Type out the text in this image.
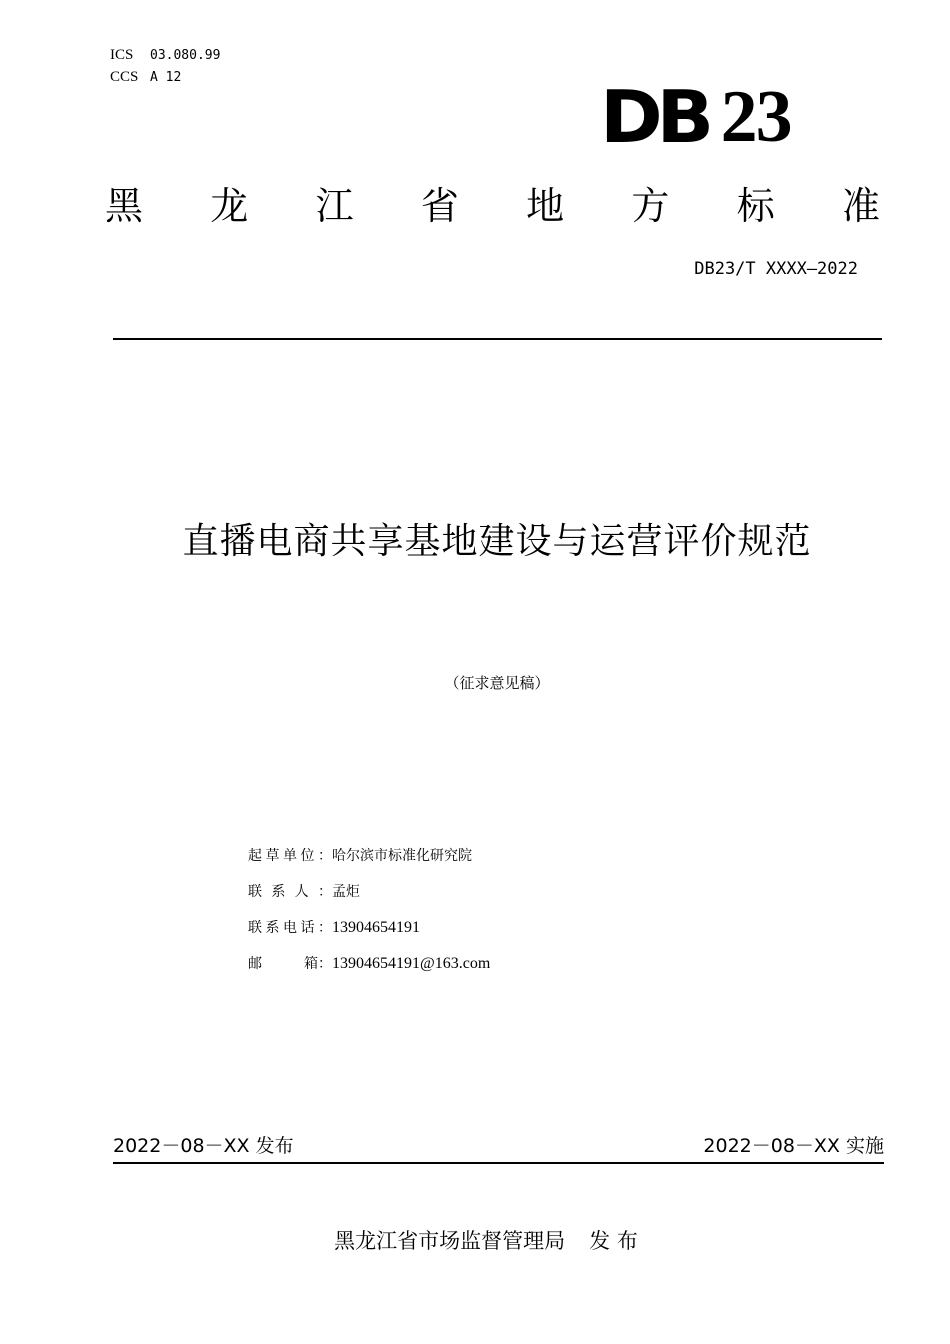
ICS 03.080.99
CCS A 12	DB 23
黑 龙 江 省 地 方 标 准
DB23/T XXXX—2022
直播电商共享基地建设与运营评价规范
（征求意见稿）
起 草 单 位 ： 哈尔滨市标准化研究院
联 系 人 ： 孟炬
联 系 电 话 ： 13904654191
邮	箱 ： 13904654191@163.com
2022－08－XX 发布	2022－08－XX 实施
黑龙江省市场监督管理局 发 布
